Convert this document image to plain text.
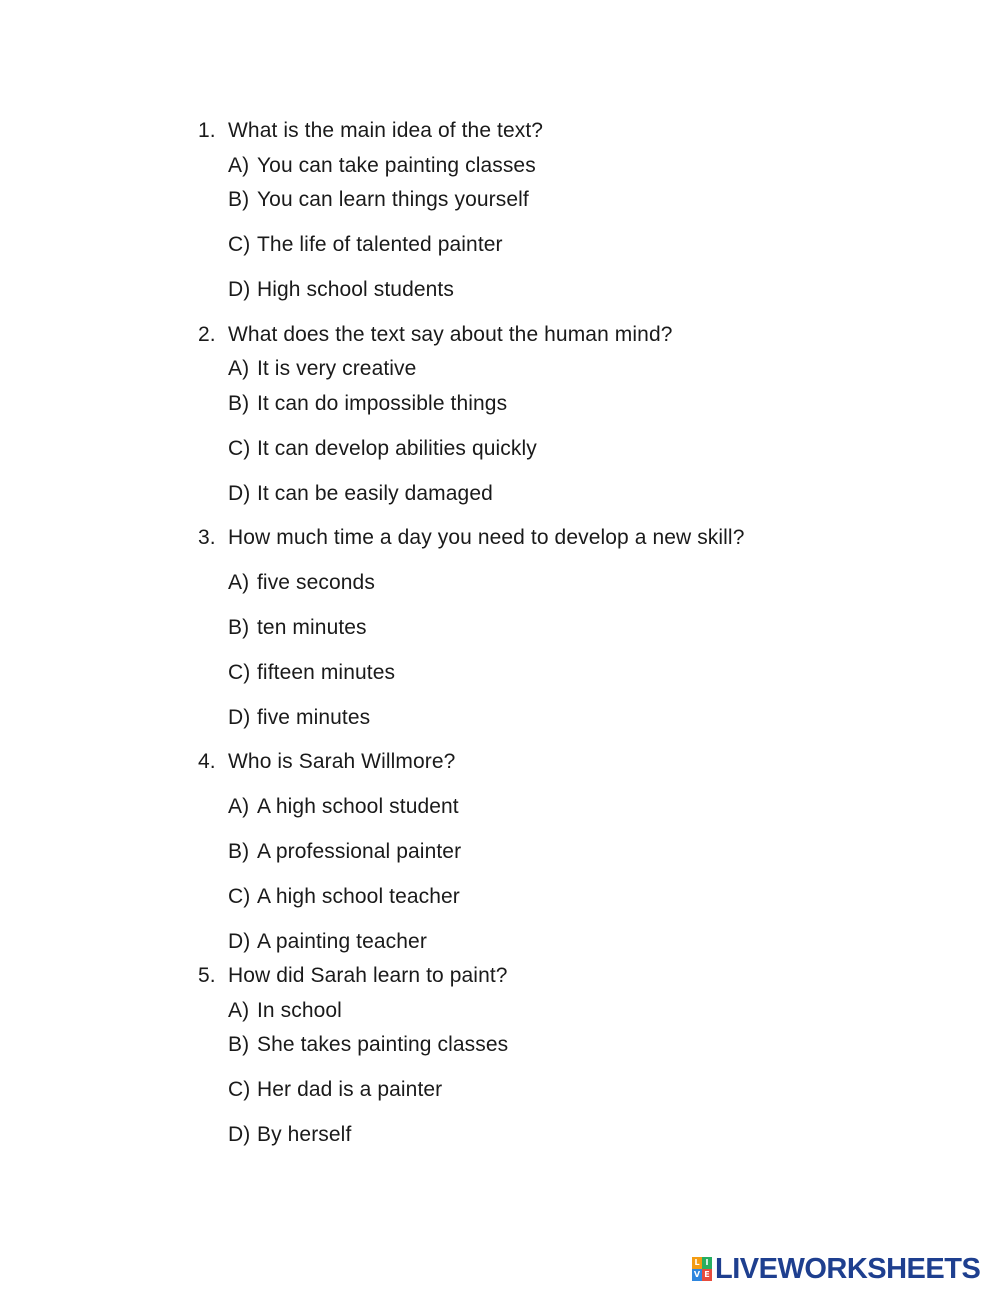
1. What is the main idea of the text?
A) You can take painting classes
B) You can learn things yourself
C) The life of talented painter
D) High school students
2. What does the text say about the human mind?
A) It is very creative
B) It can do impossible things
C) It can develop abilities quickly
D) It can be easily damaged
3. How much time a day you need to develop a new skill?
A) five seconds
B) ten minutes
C) fifteen minutes
D) five minutes
4. Who is Sarah Willmore?
A) A high school student
B) A professional painter
C) A high school teacher
D) A painting teacher
5. How did Sarah learn to paint?
A) In school
B) She takes painting classes
C) Her dad is a painter
D) By herself
L I
V E LIVEWORKSHEETS
